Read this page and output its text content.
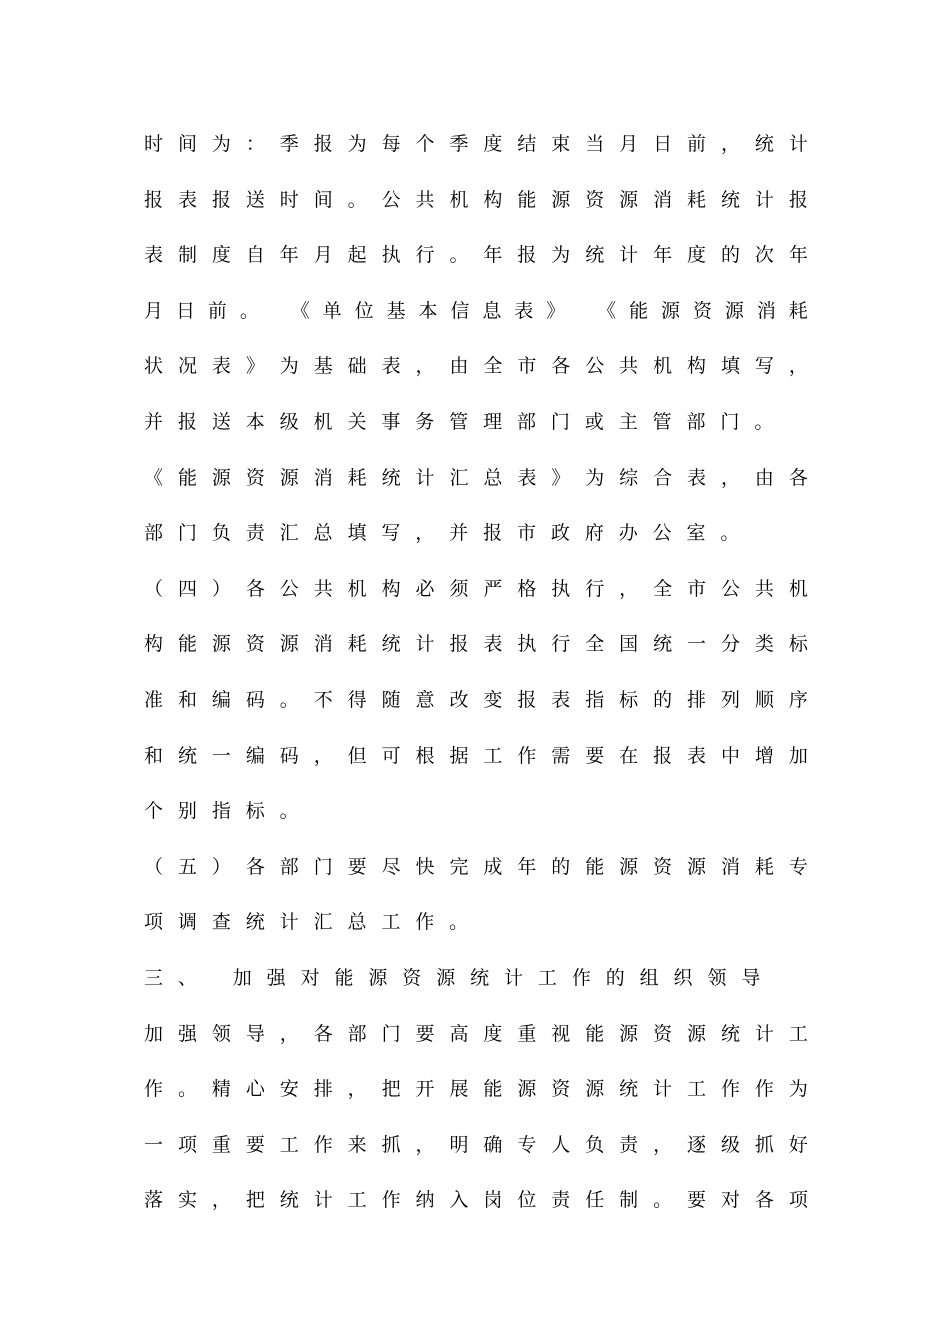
时 间 为 ： 季 报 为 每 个 季 度 结 束 当 月 日 前 ， 统 计
报 表 报 送 时 间 。 公 共 机 构 能 源 资 源 消 耗 统 计 报
表 制 度 自 年 月 起 执 行 。 年 报 为 统 计 年 度 的 次 年
月 日 前 。
《 单 位 基 本 信 息 表 》
《 能 源 资 源 消 耗
状 况 表 》 为 基 础 表 ， 由 全 市 各 公 共 机 构 填 写 ，
并 报 送 本 级 机 关 事 务 管 理 部 门 或 主 管 部 门 。
《 能 源 资 源 消 耗 统 计 汇 总 表 》 为 综 合 表 ， 由 各
部 门 负 责 汇 总 填 写 ， 并 报 市 政 府 办 公 室 。
（ 四 ） 各 公 共 机 构 必 须 严 格 执 行 ， 全 市 公 共 机
构 能 源 资 源 消 耗 统 计 报 表 执 行 全 国 统 一 分 类 标
准 和 编 码 。 不 得 随 意 改 变 报 表 指 标 的 排 列 顺 序
和 统 一 编 码 ， 但 可 根 据 工 作 需 要 在 报 表 中 增 加
个 别 指 标 。
（ 五 ） 各 部 门 要 尽 快 完 成 年 的 能 源 资 源 消 耗 专
项 调 查 统 计 汇 总 工 作 。
三 、
加 强 对 能 源 资 源 统 计 工 作 的 组 织 领 导
加 强 领 导 ， 各 部 门 要 高 度 重 视 能 源 资 源 统 计 工
作 。 精 心 安 排 ， 把 开 展 能 源 资 源 统 计 工 作 作 为
一 项 重 要 工 作 来 抓 ， 明 确 专 人 负 责 ， 逐 级 抓 好
落 实 ， 把 统 计 工 作 纳 入 岗 位 责 任 制 。 要 对 各 项
